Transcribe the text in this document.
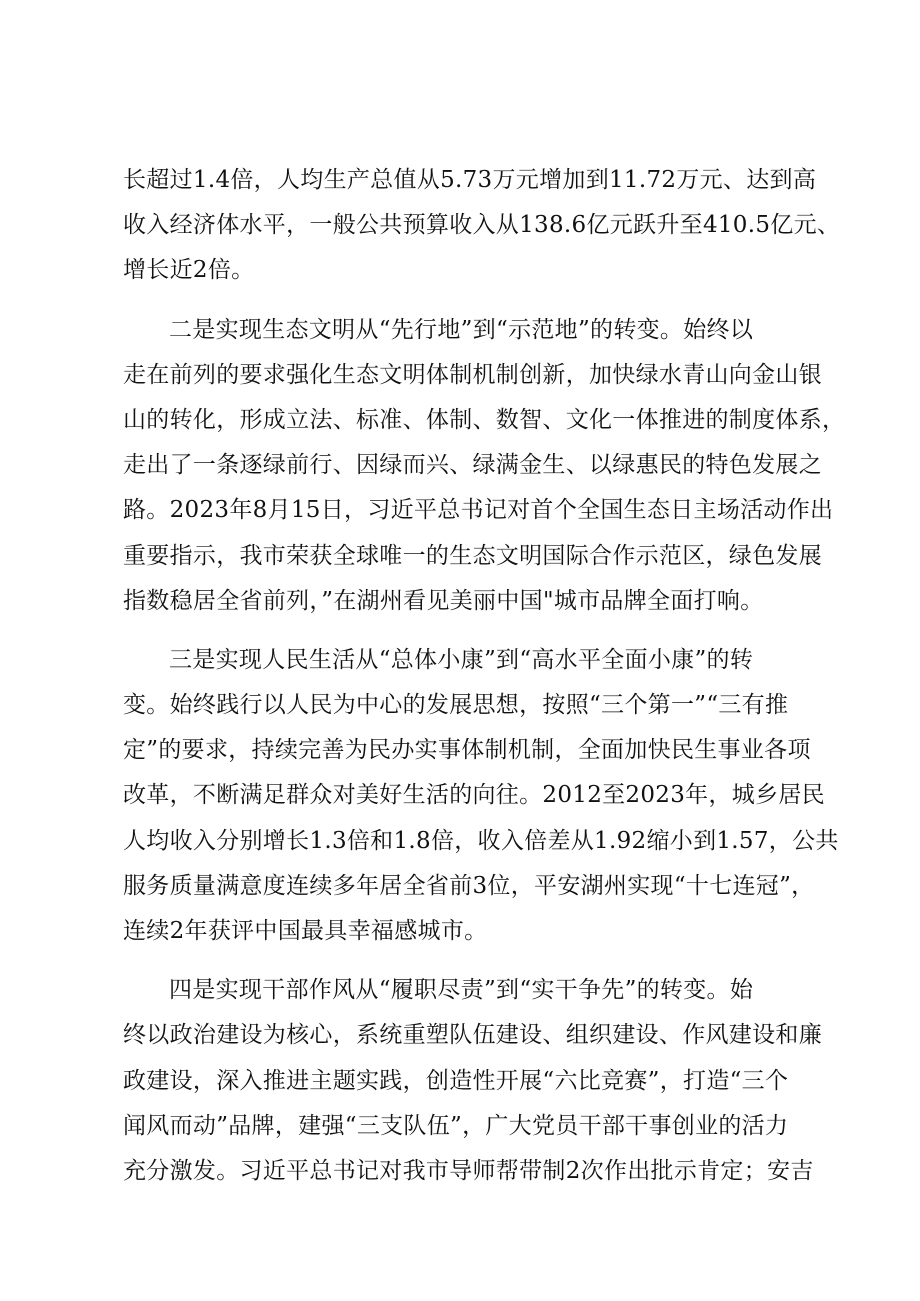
长超过1.4倍，人均生产总值从5.73万元增加到11.72万元、达到高
收入经济体水平，一般公共预算收入从138.6亿元跃升至410.5亿元、
增长近2倍。
二是实现生态文明从“先行地”到“示范地”的转变。始终以
走在前列的要求强化生态文明体制机制创新，加快绿水青山向金山银
山的转化，形成立法、标准、体制、数智、文化一体推进的制度体系，
走出了一条逐绿前行、因绿而兴、绿满金生、以绿惠民的特色发展之
路。2023年8月15日，习近平总书记对首个全国生态日主场活动作出
重要指示，我市荣获全球唯一的生态文明国际合作示范区，绿色发展
指数稳居全省前列，”在湖州看见美丽中国"城市品牌全面打响。
三是实现人民生活从“总体小康”到“高水平全面小康”的转
变。始终践行以人民为中心的发展思想，按照“三个第一”“三有推
定”的要求，持续完善为民办实事体制机制，全面加快民生事业各项
改革，不断满足群众对美好生活的向往。2012至2023年，城乡居民
人均收入分别增长1.3倍和1.8倍，收入倍差从1.92缩小到1.57，公共
服务质量满意度连续多年居全省前3位，平安湖州实现“十七连冠”，
连续2年获评中国最具幸福感城市。
四是实现干部作风从“履职尽责”到“实干争先”的转变。始
终以政治建设为核心，系统重塑队伍建设、组织建设、作风建设和廉
政建设，深入推进主题实践，创造性开展“六比竞赛”，打造“三个
闻风而动”品牌，建强“三支队伍”，广大党员干部干事创业的活力
充分激发。习近平总书记对我市导师帮带制2次作出批示肯定；安吉
